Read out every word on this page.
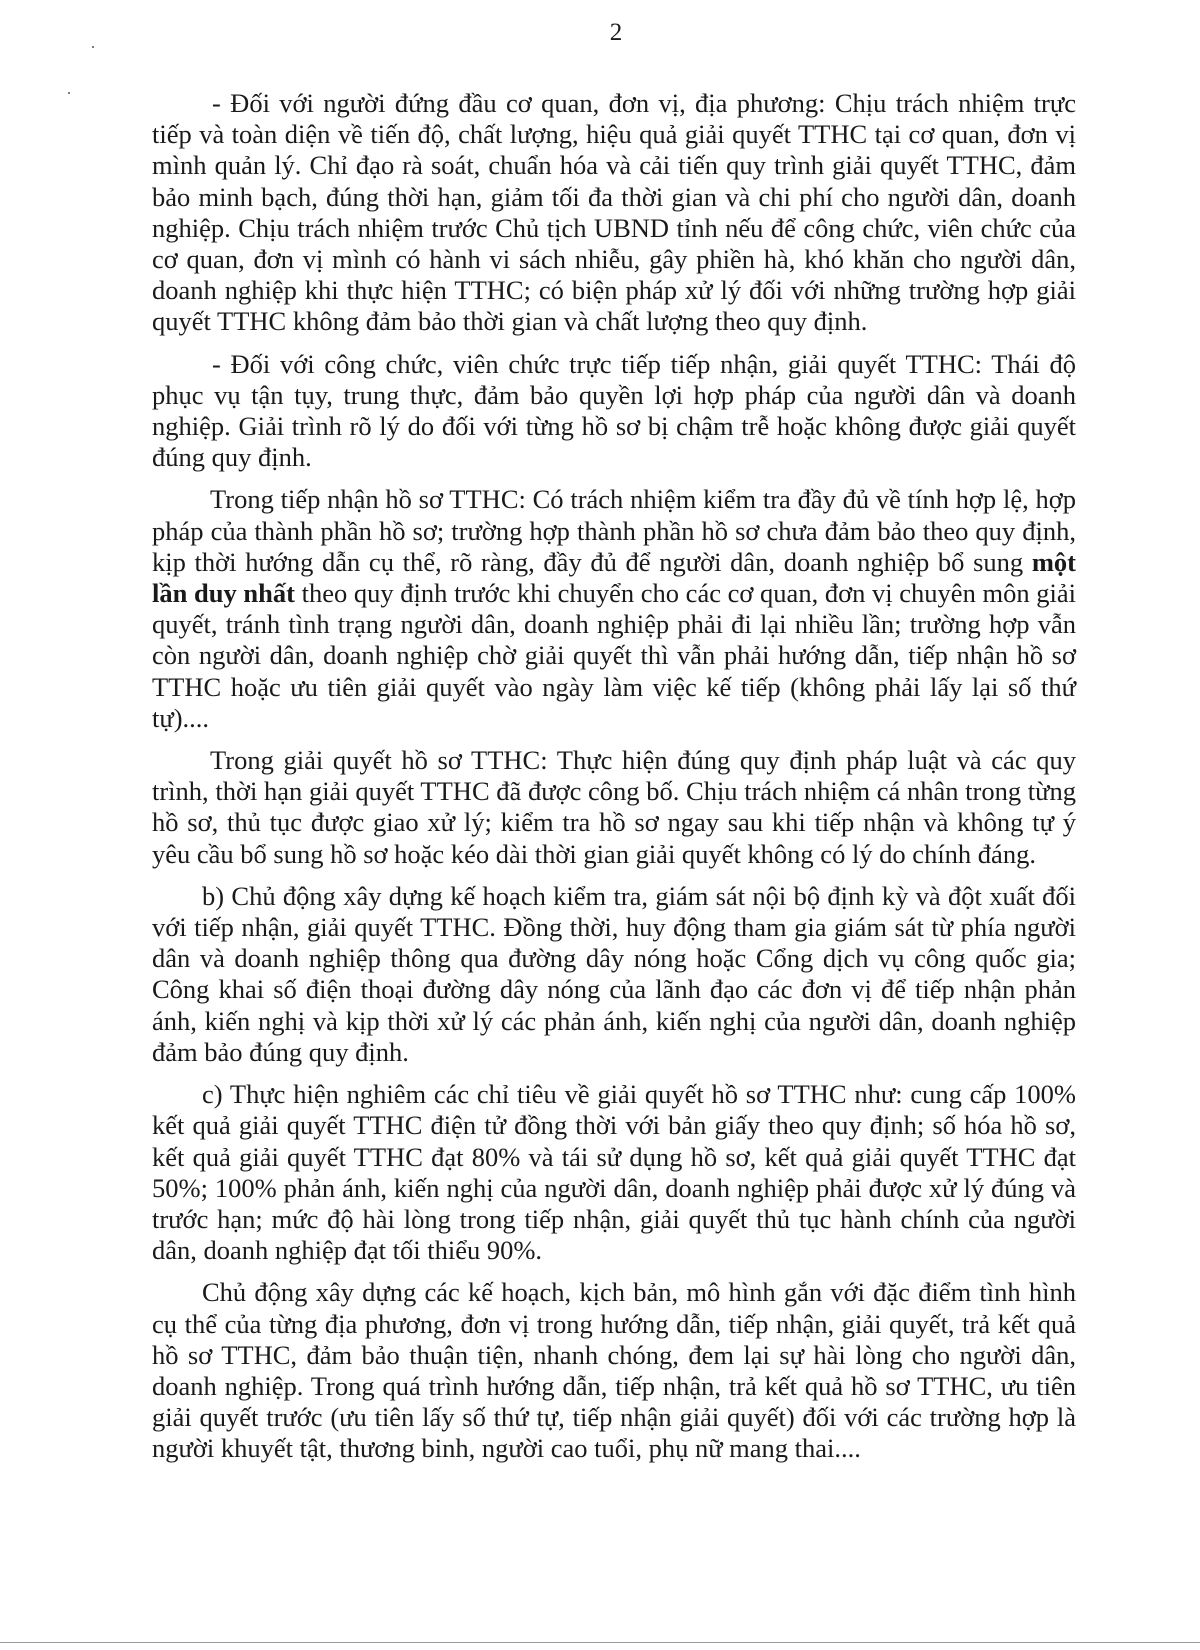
2

- Đối với người đứng đầu cơ quan, đơn vị, địa phương: Chịu trách nhiệm trực tiếp và toàn diện về tiến độ, chất lượng, hiệu quả giải quyết TTHC tại cơ quan, đơn vị mình quản lý. Chỉ đạo rà soát, chuẩn hóa và cải tiến quy trình giải quyết TTHC, đảm bảo minh bạch, đúng thời hạn, giảm tối đa thời gian và chi phí cho người dân, doanh nghiệp. Chịu trách nhiệm trước Chủ tịch UBND tỉnh nếu để công chức, viên chức của cơ quan, đơn vị mình có hành vi sách nhiễu, gây phiền hà, khó khăn cho người dân, doanh nghiệp khi thực hiện TTHC; có biện pháp xử lý đối với những trường hợp giải quyết TTHC không đảm bảo thời gian và chất lượng theo quy định.

- Đối với công chức, viên chức trực tiếp tiếp nhận, giải quyết TTHC: Thái độ phục vụ tận tụy, trung thực, đảm bảo quyền lợi hợp pháp của người dân và doanh nghiệp. Giải trình rõ lý do đối với từng hồ sơ bị chậm trễ hoặc không được giải quyết đúng quy định.

Trong tiếp nhận hồ sơ TTHC: Có trách nhiệm kiểm tra đầy đủ về tính hợp lệ, hợp pháp của thành phần hồ sơ; trường hợp thành phần hồ sơ chưa đảm bảo theo quy định, kịp thời hướng dẫn cụ thể, rõ ràng, đầy đủ để người dân, doanh nghiệp bổ sung một lần duy nhất theo quy định trước khi chuyển cho các cơ quan, đơn vị chuyên môn giải quyết, tránh tình trạng người dân, doanh nghiệp phải đi lại nhiều lần; trường hợp vẫn còn người dân, doanh nghiệp chờ giải quyết thì vẫn phải hướng dẫn, tiếp nhận hồ sơ TTHC hoặc ưu tiên giải quyết vào ngày làm việc kế tiếp (không phải lấy lại số thứ tự)....

Trong giải quyết hồ sơ TTHC: Thực hiện đúng quy định pháp luật và các quy trình, thời hạn giải quyết TTHC đã được công bố. Chịu trách nhiệm cá nhân trong từng hồ sơ, thủ tục được giao xử lý; kiểm tra hồ sơ ngay sau khi tiếp nhận và không tự ý yêu cầu bổ sung hồ sơ hoặc kéo dài thời gian giải quyết không có lý do chính đáng.

b) Chủ động xây dựng kế hoạch kiểm tra, giám sát nội bộ định kỳ và đột xuất đối với tiếp nhận, giải quyết TTHC. Đồng thời, huy động tham gia giám sát từ phía người dân và doanh nghiệp thông qua đường dây nóng hoặc Cổng dịch vụ công quốc gia; Công khai số điện thoại đường dây nóng của lãnh đạo các đơn vị để tiếp nhận phản ánh, kiến nghị và kịp thời xử lý các phản ánh, kiến nghị của người dân, doanh nghiệp đảm bảo đúng quy định.

c) Thực hiện nghiêm các chỉ tiêu về giải quyết hồ sơ TTHC như: cung cấp 100% kết quả giải quyết TTHC điện tử đồng thời với bản giấy theo quy định; số hóa hồ sơ, kết quả giải quyết TTHC đạt 80% và tái sử dụng hồ sơ, kết quả giải quyết TTHC đạt 50%; 100% phản ánh, kiến nghị của người dân, doanh nghiệp phải được xử lý đúng và trước hạn; mức độ hài lòng trong tiếp nhận, giải quyết thủ tục hành chính của người dân, doanh nghiệp đạt tối thiểu 90%.

Chủ động xây dựng các kế hoạch, kịch bản, mô hình gắn với đặc điểm tình hình cụ thể của từng địa phương, đơn vị trong hướng dẫn, tiếp nhận, giải quyết, trả kết quả hồ sơ TTHC, đảm bảo thuận tiện, nhanh chóng, đem lại sự hài lòng cho người dân, doanh nghiệp. Trong quá trình hướng dẫn, tiếp nhận, trả kết quả hồ sơ TTHC, ưu tiên giải quyết trước (ưu tiên lấy số thứ tự, tiếp nhận giải quyết) đối với các trường hợp là người khuyết tật, thương binh, người cao tuổi, phụ nữ mang thai....
